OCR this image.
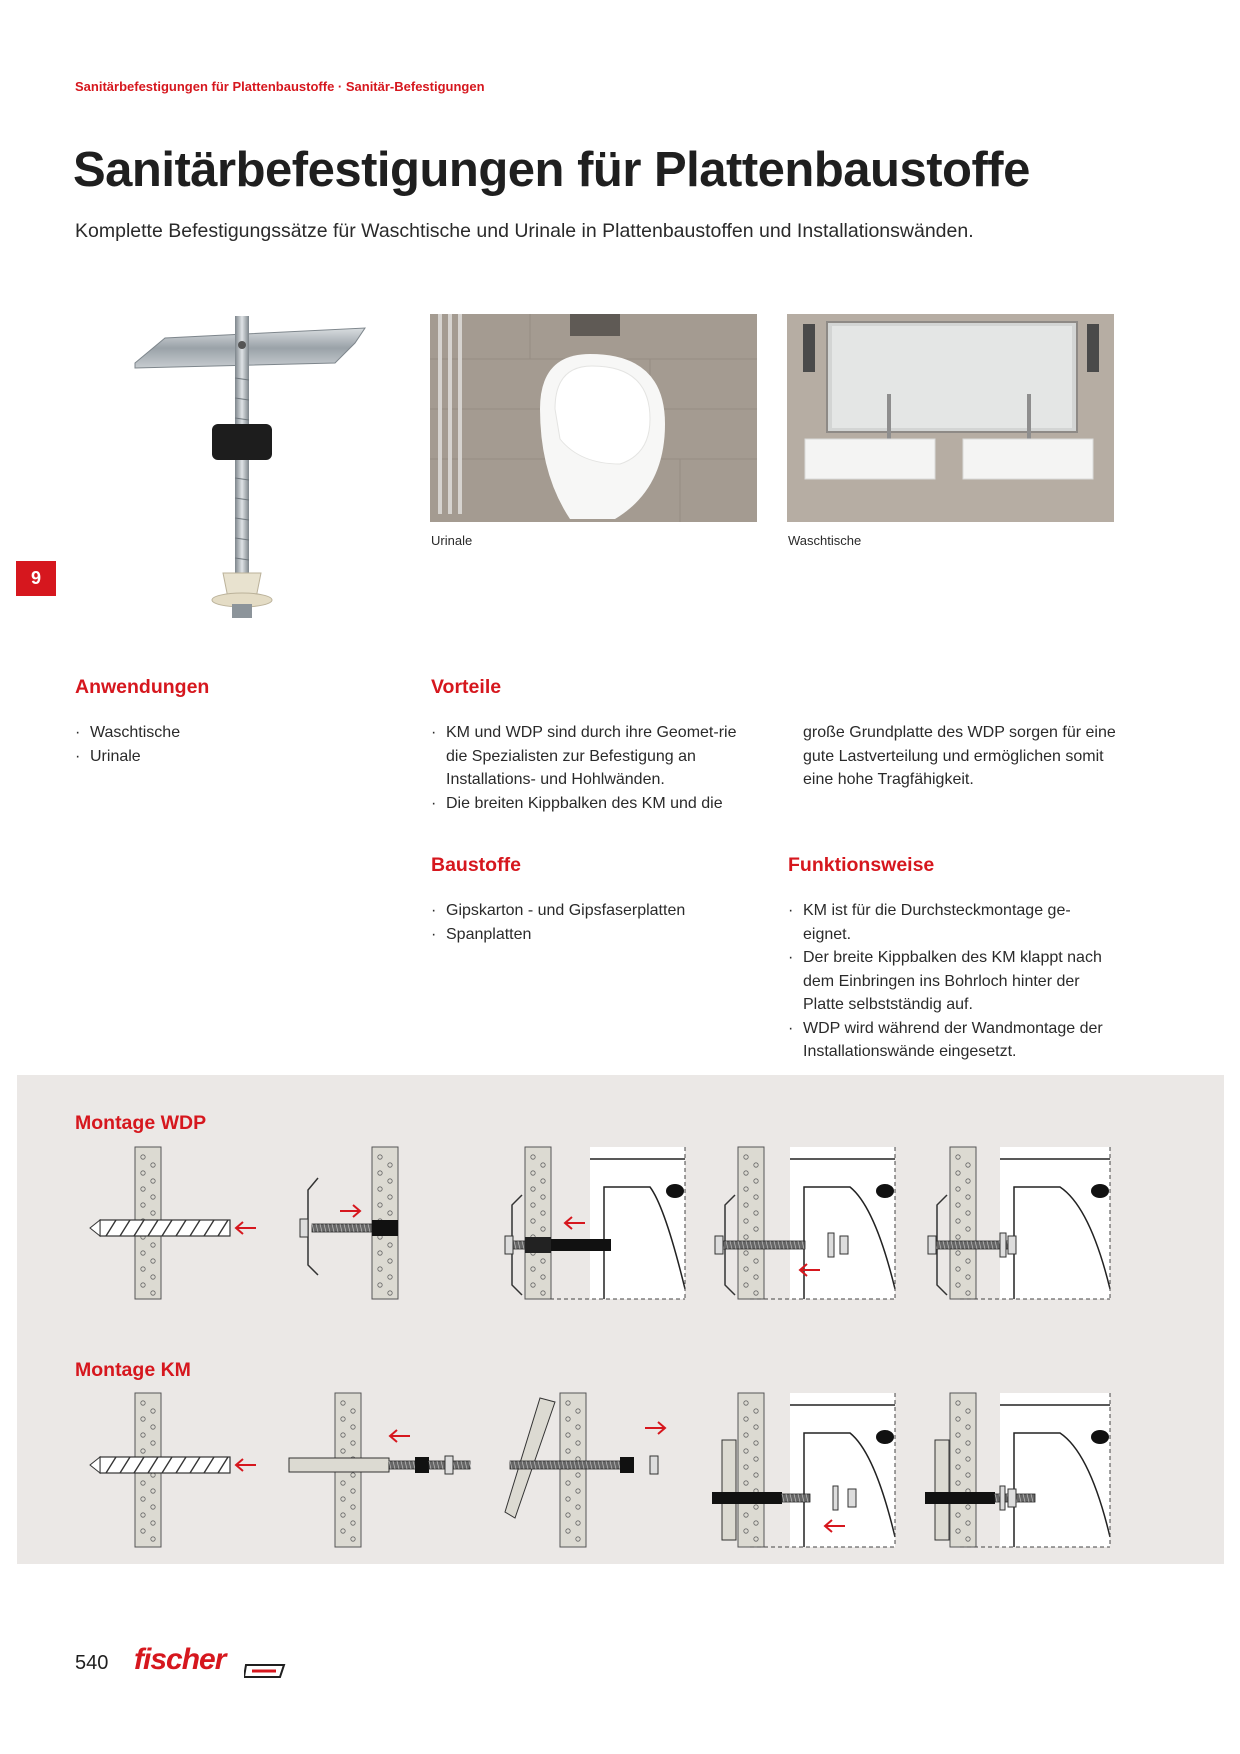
Sanitärbefestigungen für Plattenbaustoffe · Sanitär-Befestigungen
Sanitärbefestigungen für Plattenbaustoffe
Komplette Befestigungssätze für Waschtische und Urinale in Plattenbaustoffen und Installationswänden.
9
Urinale	Waschtische
Anwendungen
· Waschtische
· Urinale
Vorteile
· KM und WDP sind durch ihre Geomet-rie die Spezialisten zur Befestigung an Installations- und Hohlwänden.
· Die breiten Kippbalken des KM und die
große Grundplatte des WDP sorgen für eine gute Lastverteilung und ermöglichen somit eine hohe Tragfähigkeit.
Baustoffe
· Gipskarton - und Gipsfaserplatten
· Spanplatten
Funktionsweise
· KM ist für die Durchsteckmontage ge-eignet.
· Der breite Kippbalken des KM klappt nach dem Einbringen ins Bohrloch hinter der Platte selbstständig auf.
· WDP wird während der Wandmontage der Installationswände eingesetzt.
Montage WDP
Montage KM
540 fischer
